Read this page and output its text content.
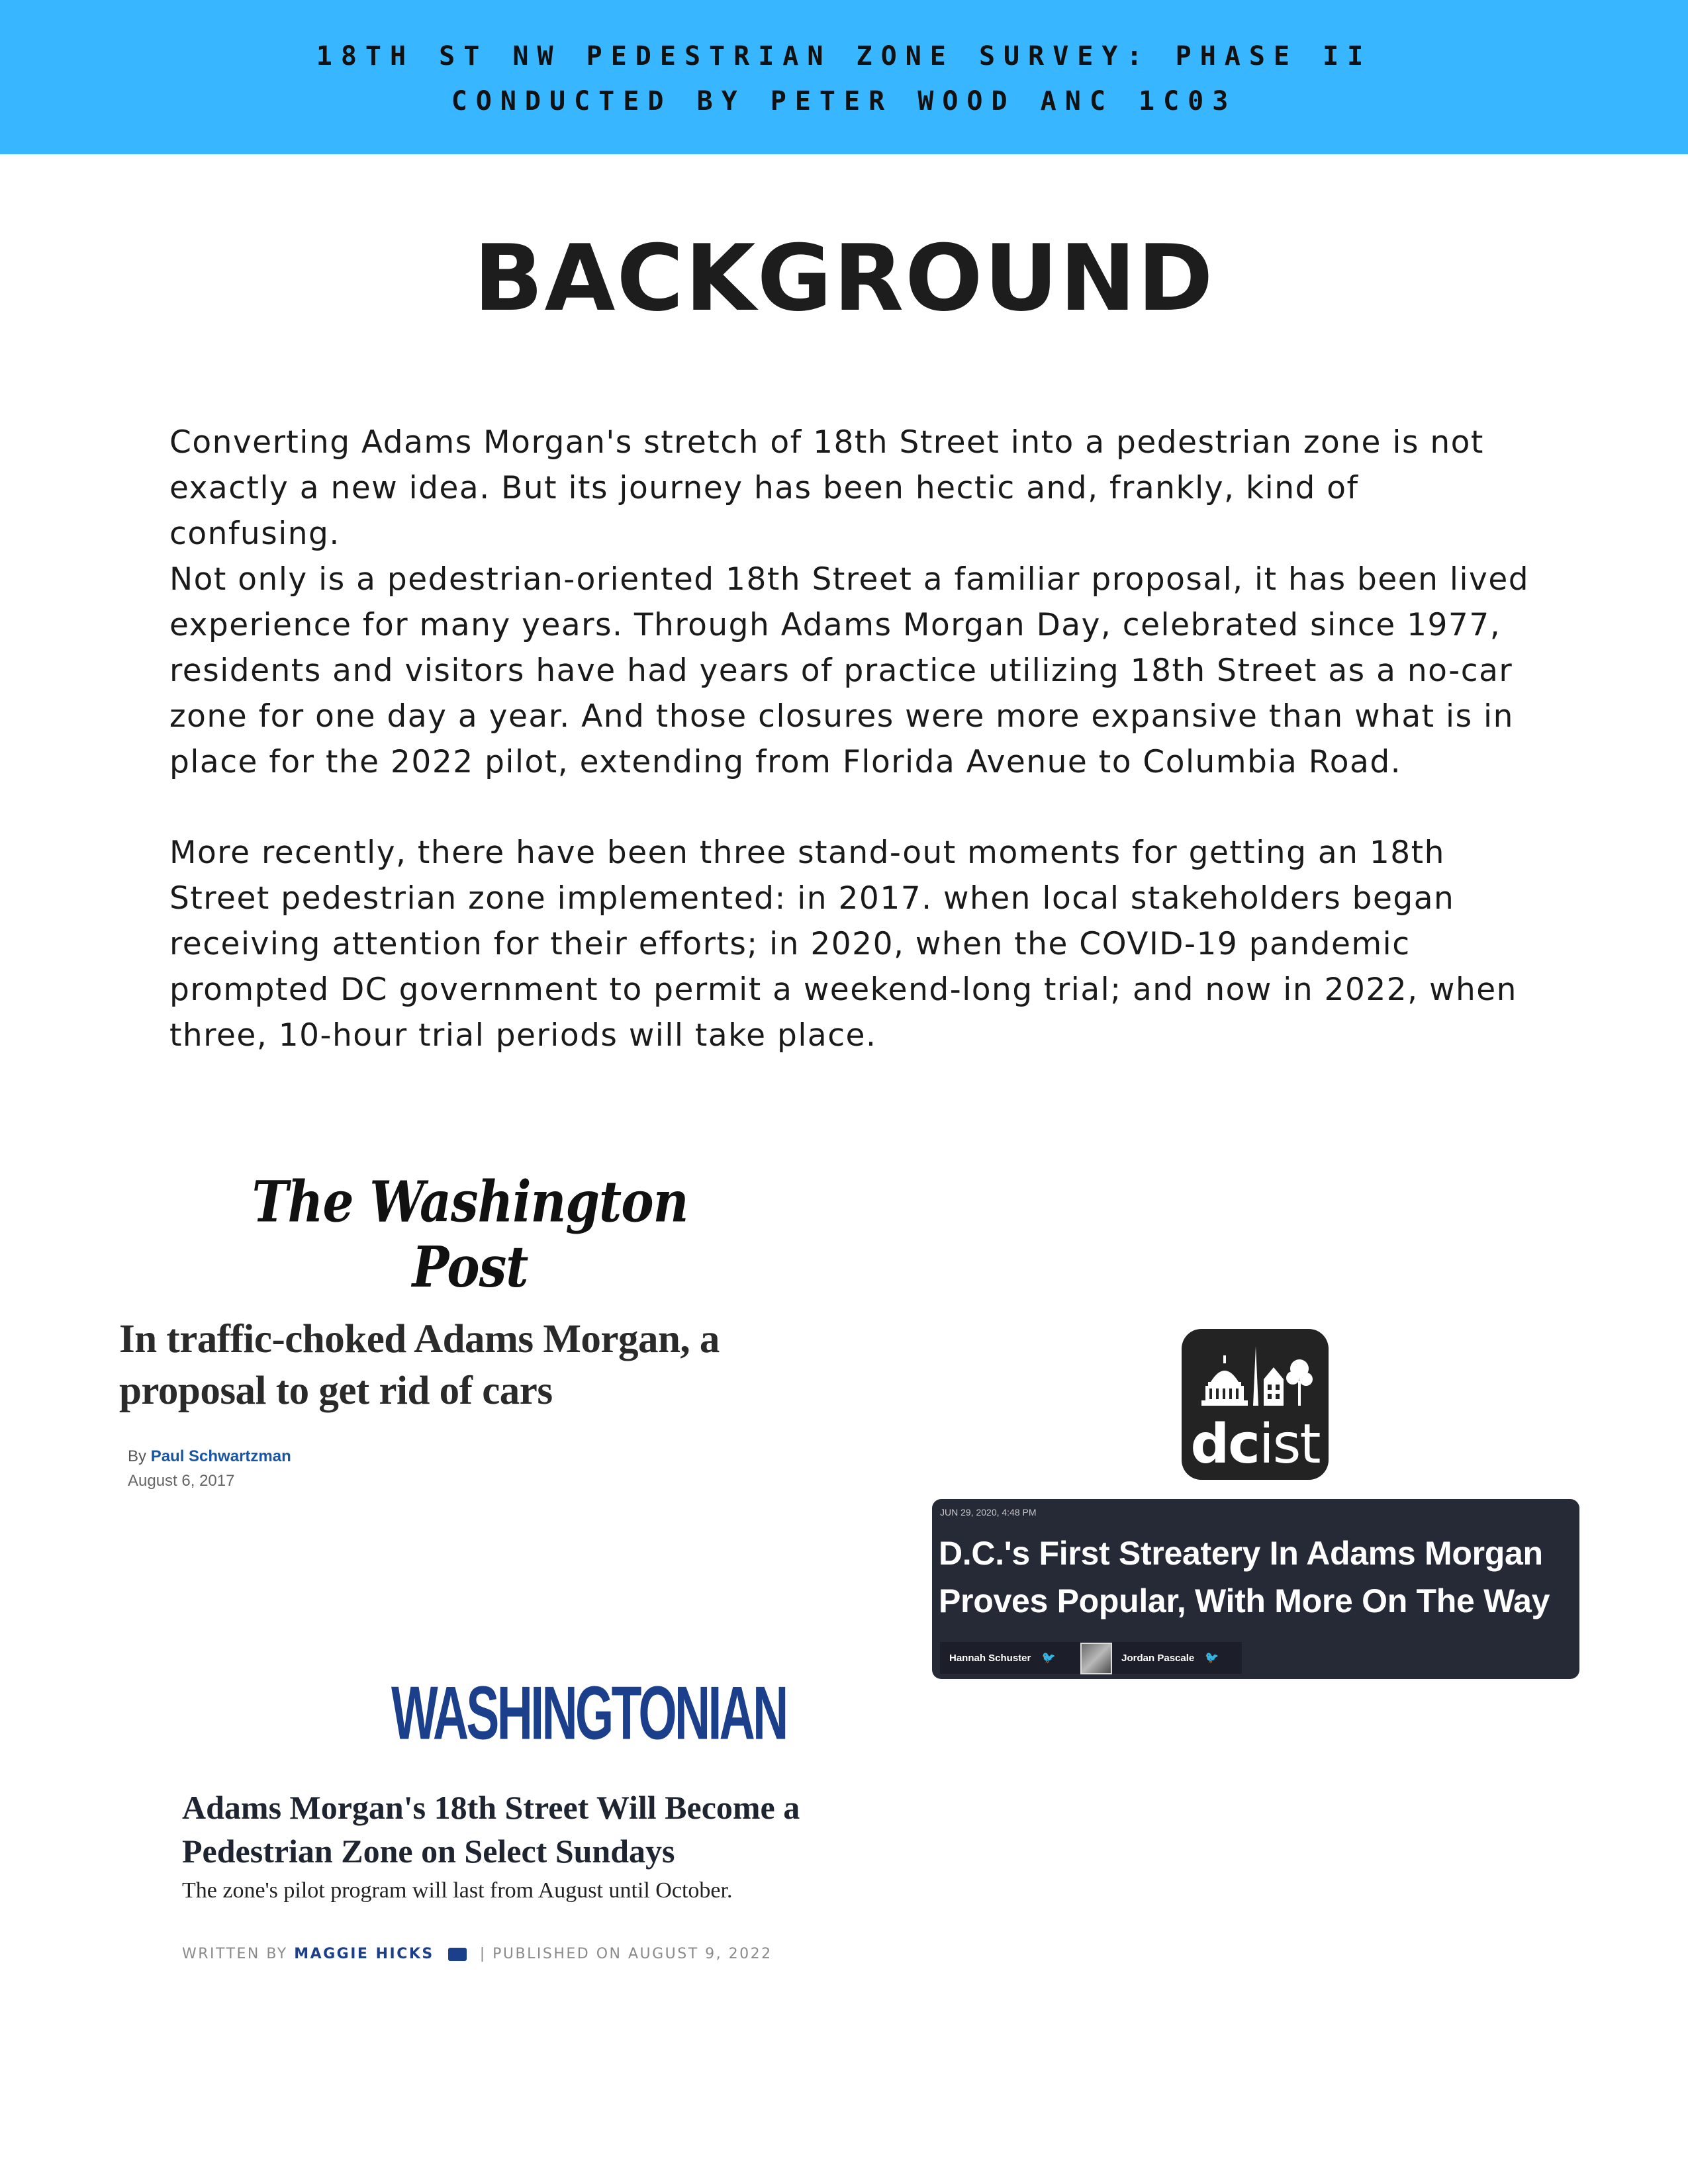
18TH ST NW PEDESTRIAN ZONE SURVEY: PHASE II
CONDUCTED BY PETER WOOD ANC 1C03
BACKGROUND
Converting Adams Morgan's stretch of 18th Street into a pedestrian zone is not exactly a new idea. But its journey has been hectic and, frankly, kind of confusing.
Not only is a pedestrian-oriented 18th Street a familiar proposal, it has been lived experience for many years. Through Adams Morgan Day, celebrated since 1977, residents and visitors have had years of practice utilizing 18th Street as a no-car zone for one day a year. And those closures were more expansive than what is in place for the 2022 pilot, extending from Florida Avenue to Columbia Road.
More recently, there have been three stand-out moments for getting an 18th Street pedestrian zone implemented: in 2017. when local stakeholders began receiving attention for their efforts; in 2020, when the COVID-19 pandemic prompted DC government to permit a weekend-long trial; and now in 2022, when three, 10-hour trial periods will take place.
The Washington Post
In traffic-choked Adams Morgan, a proposal to get rid of cars
By Paul Schwartzman
August 6, 2017
dcist
JUN 29, 2020, 4:48 PM
D.C.'s First Streatery In Adams Morgan Proves Popular, With More On The Way
Hannah Schuster 🐦	Jordan Pascale 🐦
WASHINGTONIAN
Adams Morgan's 18th Street Will Become a Pedestrian Zone on Select Sundays
The zone's pilot program will last from August until October.
WRITTEN BY MAGGIE HICKS	| PUBLISHED ON AUGUST 9, 2022
